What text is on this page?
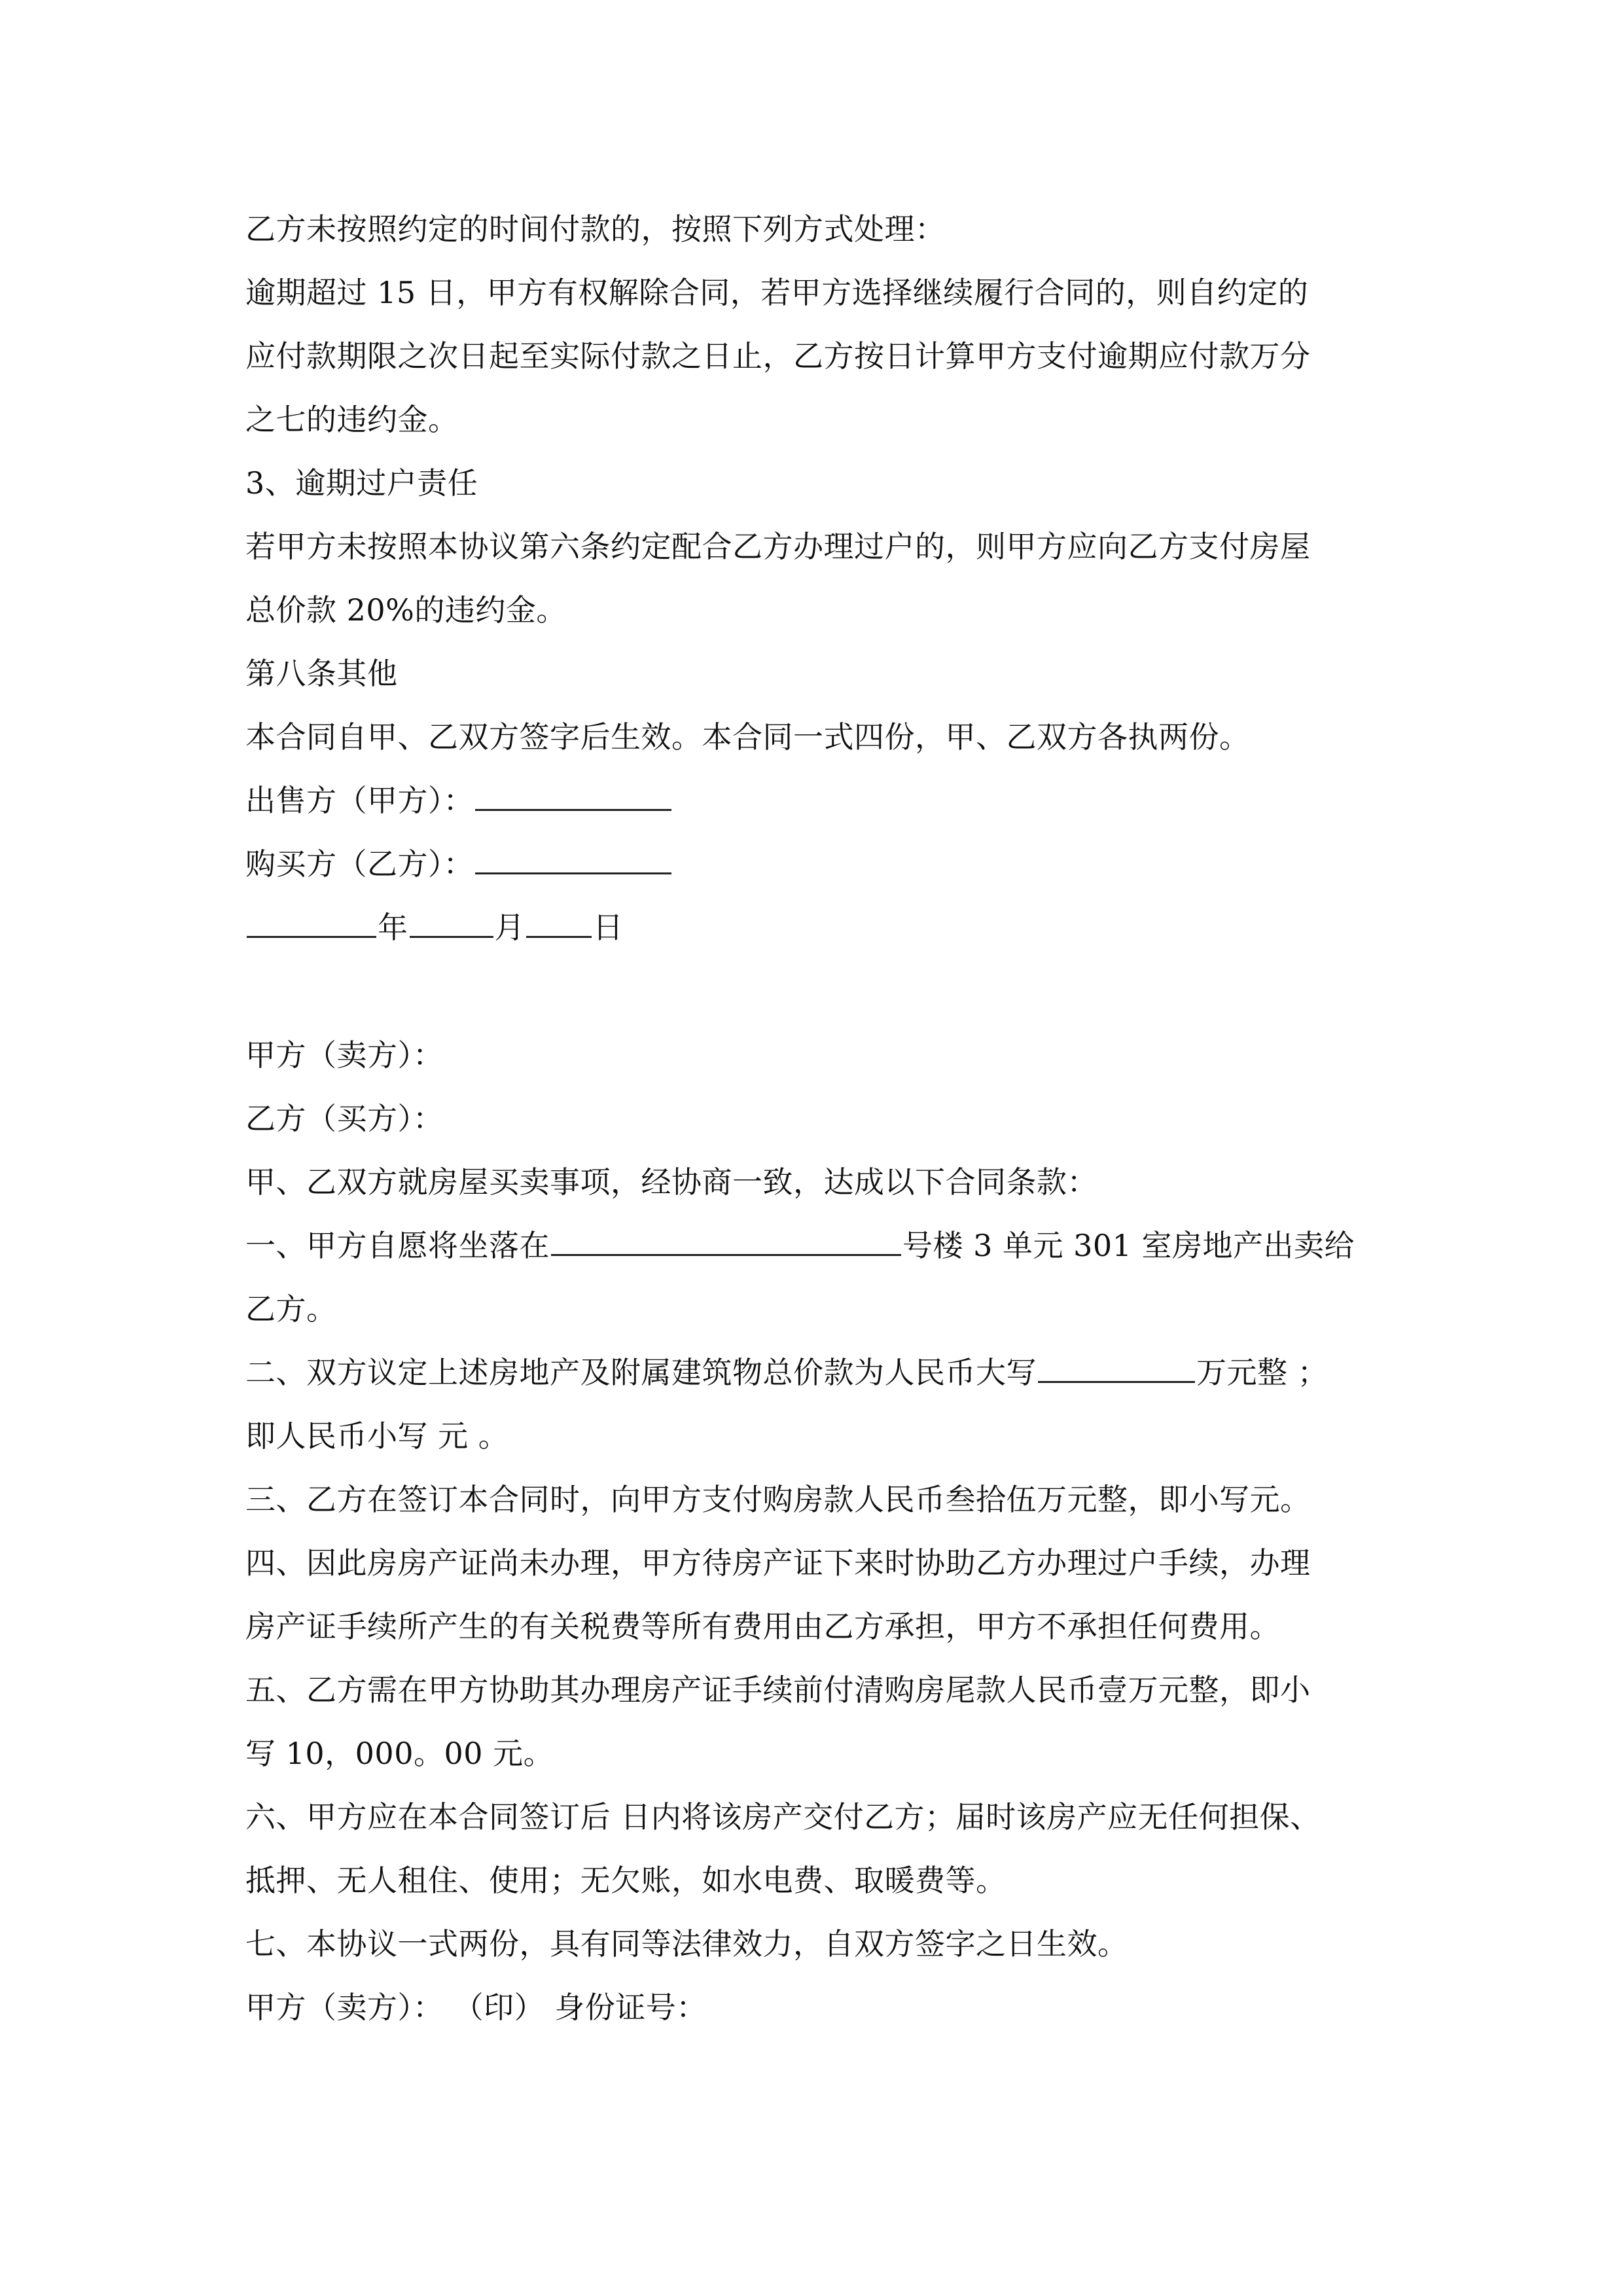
乙方未按照约定的时间付款的，按照下列方式处理：
逾期超过 15 日，甲方有权解除合同，若甲方选择继续履行合同的，则自约定的
应付款期限之次日起至实际付款之日止，乙方按日计算甲方支付逾期应付款万分
之七的违约金。
3、逾期过户责任
若甲方未按照本协议第六条约定配合乙方办理过户的，则甲方应向乙方支付房屋
总价款 20%的违约金。
第八条其他
本合同自甲、乙双方签字后生效。本合同一式四份，甲、乙双方各执两份。
出售方（甲方）：
购买方（乙方）：
年	月 日
甲方（卖方）：
乙方（买方）：
甲、乙双方就房屋买卖事项，经协商一致，达成以下合同条款：
一、甲方自愿将坐落在	号楼 3 单元 301 室房地产出卖给
乙方。
二、双方议定上述房地产及附属建筑物总价款为人民币大写	万元整 ；
即人民币小写 元 。
三、乙方在签订本合同时，向甲方支付购房款人民币叁拾伍万元整，即小写元。
四、因此房房产证尚未办理，甲方待房产证下来时协助乙方办理过户手续，办理
房产证手续所产生的有关税费等所有费用由乙方承担，甲方不承担任何费用。
五、乙方需在甲方协助其办理房产证手续前付清购房尾款人民币壹万元整，即小
写 10，000。00 元。
六、甲方应在本合同签订后 日内将该房产交付乙方；届时该房产应无任何担保、
抵押、无人租住、使用；无欠账，如水电费、取暖费等。
七、本协议一式两份，具有同等法律效力，自双方签字之日生效。
甲方（卖方）： （印） 身份证号：
